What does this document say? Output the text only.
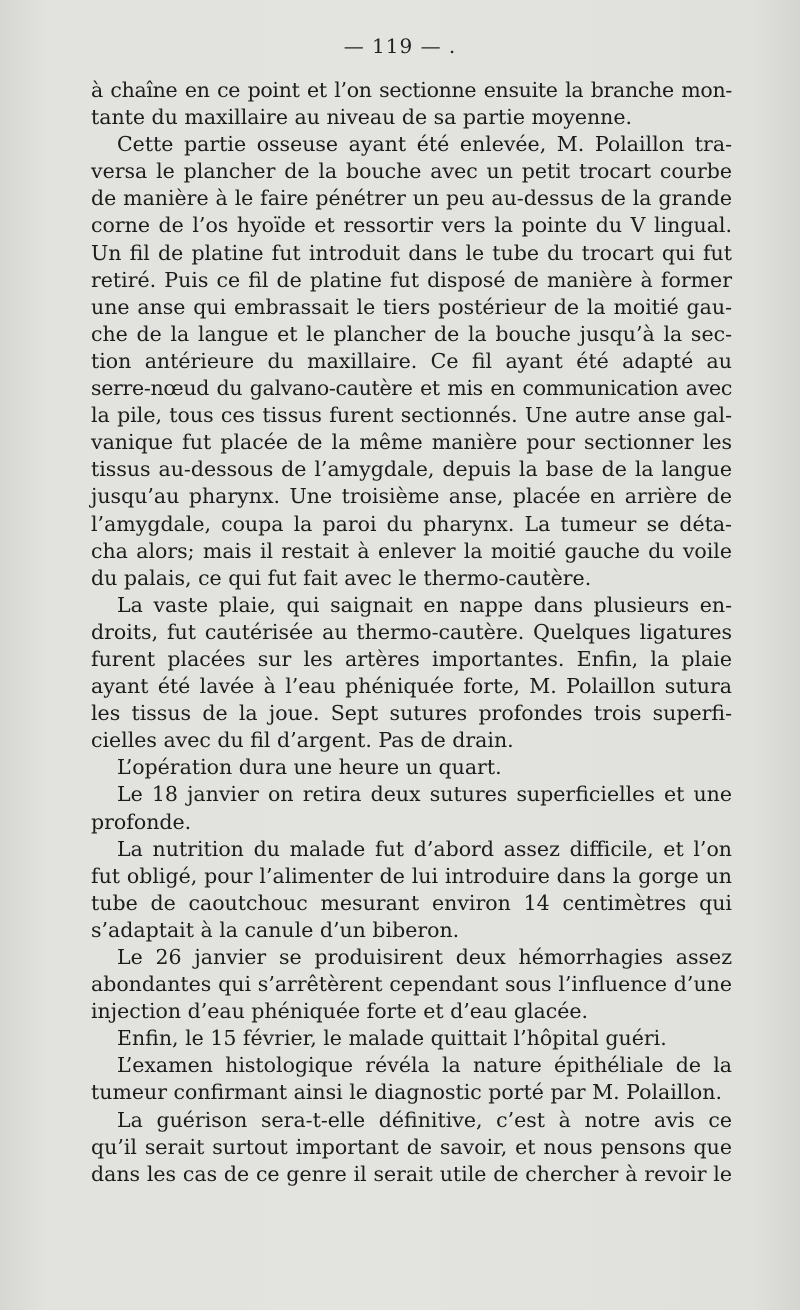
— 119 — .
à chaîne en ce point et l’on sectionne ensuite la branche mon-
tante du maxillaire au niveau de sa partie moyenne.
Cette partie osseuse ayant été enlevée, M. Polaillon tra-
versa le plancher de la bouche avec un petit trocart courbe
de manière à le faire pénétrer un peu au-dessus de la grande
corne de l’os hyoïde et ressortir vers la pointe du V lingual.
Un fil de platine fut introduit dans le tube du trocart qui fut
retiré. Puis ce fil de platine fut disposé de manière à former
une anse qui embrassait le tiers postérieur de la moitié gau-
che de la langue et le plancher de la bouche jusqu’à la sec-
tion antérieure du maxillaire. Ce fil ayant été adapté au
serre-nœud du galvano-cautère et mis en communication avec
la pile, tous ces tissus furent sectionnés. Une autre anse gal-
vanique fut placée de la même manière pour sectionner les
tissus au-dessous de l’amygdale, depuis la base de la langue
jusqu’au pharynx. Une troisième anse, placée en arrière de
l’amygdale, coupa la paroi du pharynx. La tumeur se déta-
cha alors; mais il restait à enlever la moitié gauche du voile
du palais, ce qui fut fait avec le thermo-cautère.
La vaste plaie, qui saignait en nappe dans plusieurs en-
droits, fut cautérisée au thermo-cautère. Quelques ligatures
furent placées sur les artères importantes. Enfin, la plaie
ayant été lavée à l’eau phéniquée forte, M. Polaillon sutura
les tissus de la joue. Sept sutures profondes trois superfi-
cielles avec du fil d’argent. Pas de drain.
L’opération dura une heure un quart.
Le 18 janvier on retira deux sutures superficielles et une
profonde.
La nutrition du malade fut d’abord assez difficile, et l’on
fut obligé, pour l’alimenter de lui introduire dans la gorge un
tube de caoutchouc mesurant environ 14 centimètres qui
s’adaptait à la canule d’un biberon.
Le 26 janvier se produisirent deux hémorrhagies assez
abondantes qui s’arrêtèrent cependant sous l’influence d’une
injection d’eau phéniquée forte et d’eau glacée.
Enfin, le 15 février, le malade quittait l’hôpital guéri.
L’examen histologique révéla la nature épithéliale de la
tumeur confirmant ainsi le diagnostic porté par M. Polaillon.
La guérison sera-t-elle définitive, c’est à notre avis ce
qu’il serait surtout important de savoir, et nous pensons que
dans les cas de ce genre il serait utile de chercher à revoir le
